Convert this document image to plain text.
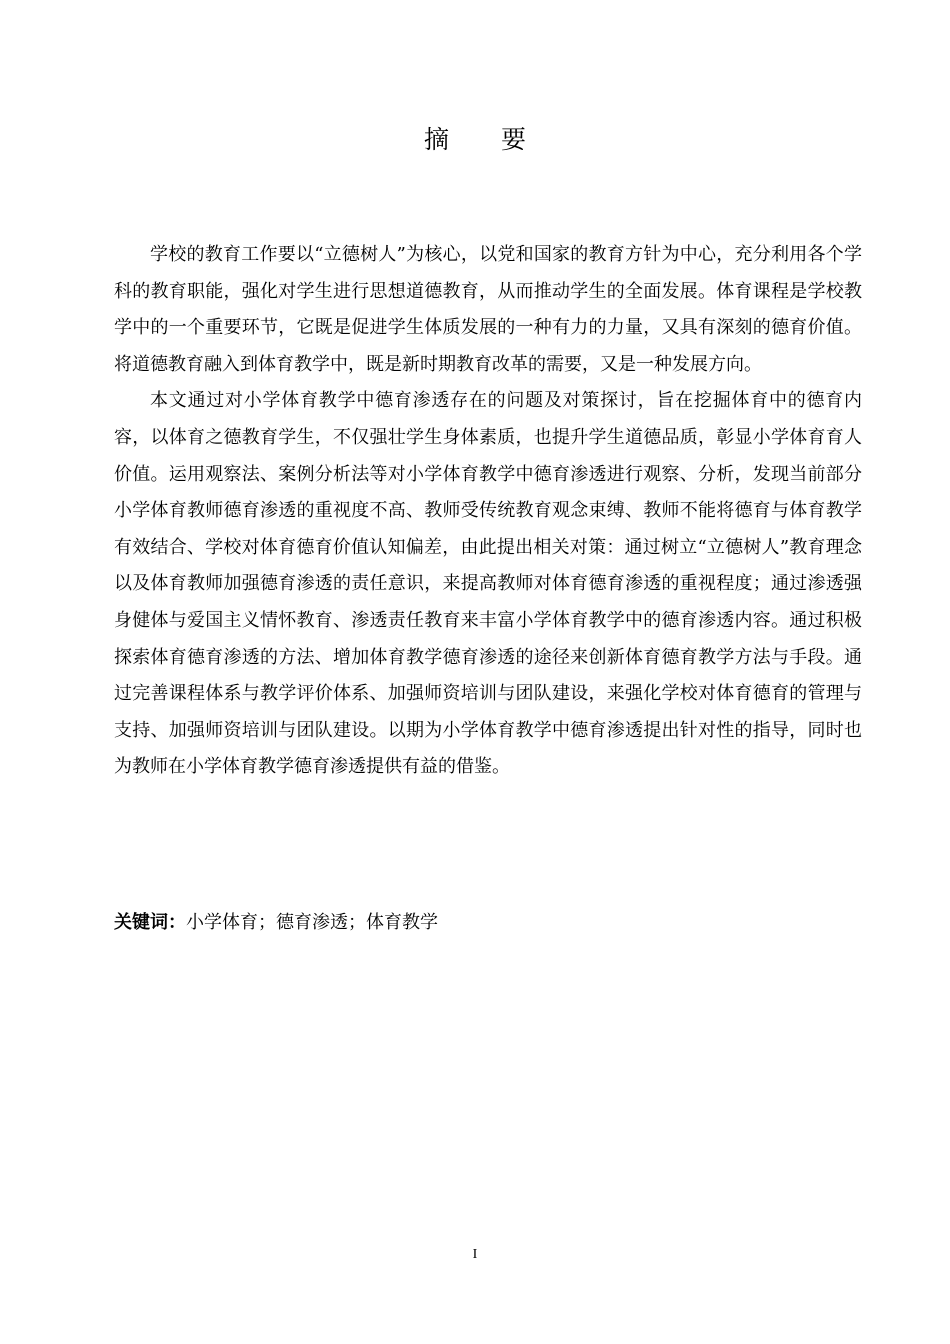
摘 要

学校的教育工作要以“立德树人”为核心，以党和国家的教育方针为中心，充分利用各个学科的教育职能，强化对学生进行思想道德教育，从而推动学生的全面发展。体育课程是学校教学中的一个重要环节，它既是促进学生体质发展的一种有力的力量，又具有深刻的德育价值。将道德教育融入到体育教学中，既是新时期教育改革的需要，又是一种发展方向。

本文通过对小学体育教学中德育渗透存在的问题及对策探讨，旨在挖掘体育中的德育内容，以体育之德教育学生，不仅强壮学生身体素质，也提升学生道德品质，彰显小学体育育人价值。运用观察法、案例分析法等对小学体育教学中德育渗透进行观察、分析，发现当前部分小学体育教师德育渗透的重视度不高、教师受传统教育观念束缚、教师不能将德育与体育教学有效结合、学校对体育德育价值认知偏差，由此提出相关对策：通过树立“立德树人”教育理念以及体育教师加强德育渗透的责任意识，来提高教师对体育德育渗透的重视程度；通过渗透强身健体与爱国主义情怀教育、渗透责任教育来丰富小学体育教学中的德育渗透内容。通过积极探索体育德育渗透的方法、增加体育教学德育渗透的途径来创新体育德育教学方法与手段。通过完善课程体系与教学评价体系、加强师资培训与团队建设，来强化学校对体育德育的管理与支持、加强师资培训与团队建设。以期为小学体育教学中德育渗透提出针对性的指导，同时也为教师在小学体育教学德育渗透提供有益的借鉴。

关键词：小学体育；德育渗透；体育教学
I
